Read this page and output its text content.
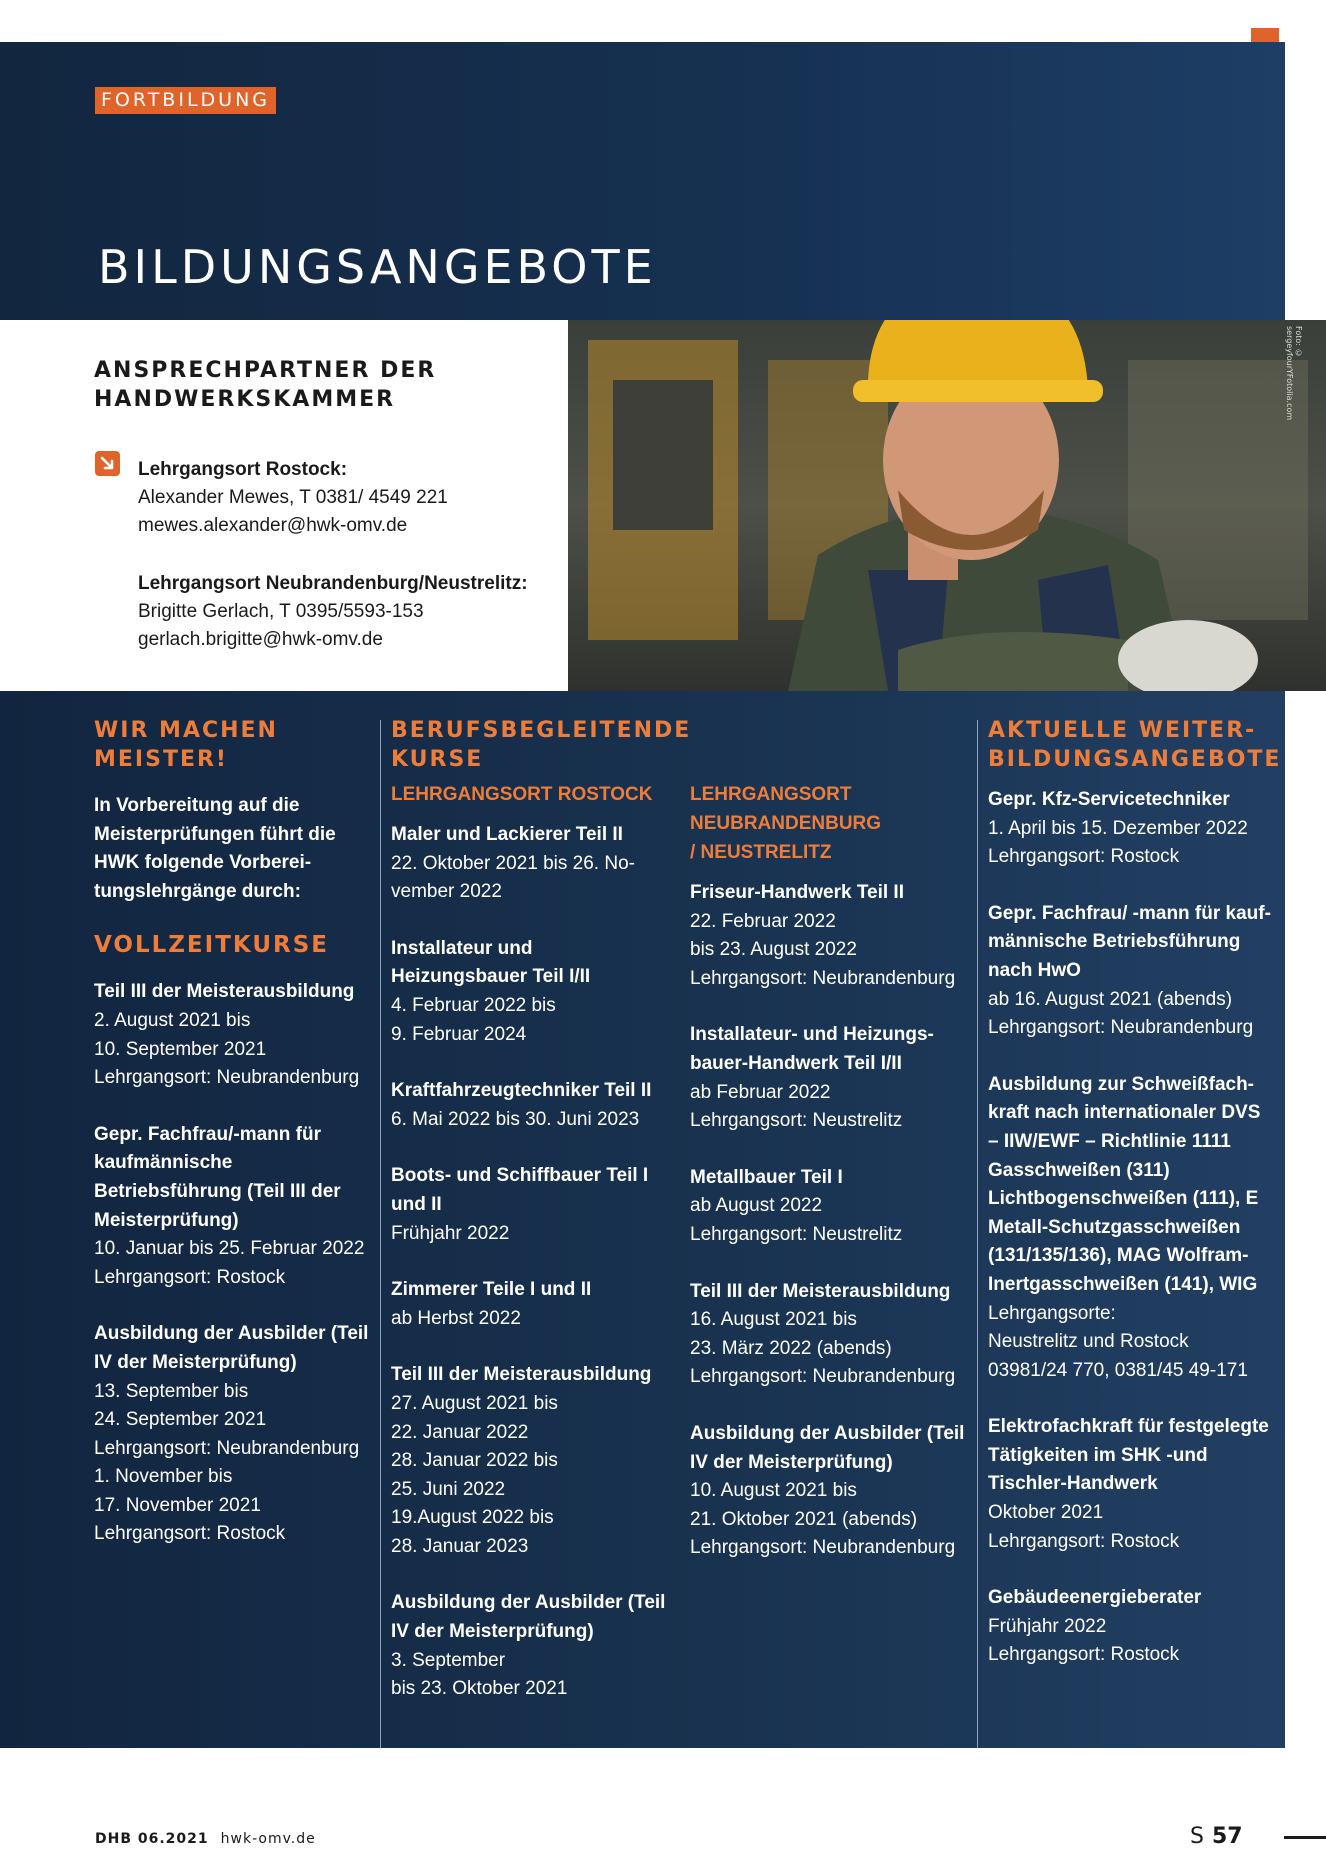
FORTBILDUNG
BILDUNGSANGEBOTE
ANSPRECHPARTNER DER HANDWERKSKAMMER
Lehrgangsort Rostock:
Alexander Mewes, T 0381/ 4549 221
mewes.alexander@hwk-omv.de
Lehrgangsort Neubrandenburg/Neustrelitz:
Brigitte Gerlach, T 0395/5593-153
gerlach.brigitte@hwk-omv.de
Foto: © sergeyfourYFotolia.com
WIR MACHEN MEISTER!

In Vorbereitung auf die Meisterprüfungen führt die HWK folgende Vorberei- tungslehrgänge durch:

VOLLZEITKURSE
Teil III der Meisterausbildung
2. August 2021 bis
10. September 2021
Lehrgangsort: Neubrandenburg
Gepr. Fachfrau/-mann für kaufmännische Betriebsführung (Teil III der Meisterprüfung)
10. Januar bis 25. Februar 2022
Lehrgangsort: Rostock
Ausbildung der Ausbilder (Teil IV der Meisterprüfung)
13. September bis
24. September 2021
Lehrgangsort: Neubrandenburg
1. November bis
17. November 2021
Lehrgangsort: Rostock
BERUFSBEGLEITENDE KURSE
LEHRGANGSORT ROSTOCK
Maler und Lackierer Teil II
22. Oktober 2021 bis 26. No- vember 2022
Installateur und Heizungsbauer Teil I/II
4. Februar 2022 bis
9. Februar 2024
Kraftfahrzeugtechniker Teil II
6. Mai 2022 bis 30. Juni 2023
Boots- und Schiffbauer Teil I und II
Frühjahr 2022
Zimmerer Teile I und II
ab Herbst 2022
Teil III der Meisterausbildung
27. August 2021 bis
22. Januar 2022
28. Januar 2022 bis
25. Juni 2022
19.August 2022 bis
28. Januar 2023
Ausbildung der Ausbilder (Teil IV der Meisterprüfung)
3. September
bis 23. Oktober 2021
LEHRGANGSORT NEUBRANDENBURG / NEUSTRELITZ
Friseur-Handwerk Teil II
22. Februar 2022
bis 23. August 2022
Lehrgangsort: Neubrandenburg
Installateur- und Heizungs- bauer-Handwerk Teil I/II
ab Februar 2022
Lehrgangsort: Neustrelitz
Metallbauer Teil I
ab August 2022
Lehrgangsort: Neustrelitz
Teil III der Meisterausbildung
16. August 2021 bis
23. März 2022 (abends)
Lehrgangsort: Neubrandenburg
Ausbildung der Ausbilder (Teil IV der Meisterprüfung)
10. August 2021 bis
21. Oktober 2021 (abends)
Lehrgangsort: Neubrandenburg
AKTUELLE WEITER- BILDUNGSANGEBOTE
Gepr. Kfz-Servicetechniker
1. April bis 15. Dezember 2022
Lehrgangsort: Rostock
Gepr. Fachfrau/ -mann für kauf- männische Betriebsführung nach HwO
ab 16. August 2021 (abends)
Lehrgangsort: Neubrandenburg
Ausbildung zur Schweißfach- kraft nach internationaler DVS – IIW/EWF – Richtlinie 1111 Gasschweißen (311) Lichtbogenschweißen (111), E Metall-Schutzgasschweißen (131/135/136), MAG Wolfram-Inertgasschweißen (141), WIG
Lehrgangsorte:
Neustrelitz und Rostock
03981/24 770, 0381/45 49-171
Elektrofachkraft für festgelegte Tätigkeiten im SHK -und Tischler-Handwerk
Oktober 2021
Lehrgangsort: Rostock
Gebäudeenergieberater
Frühjahr 2022
Lehrgangsort: Rostock
DHB 06.2021 hwk-omv.de	S 57
